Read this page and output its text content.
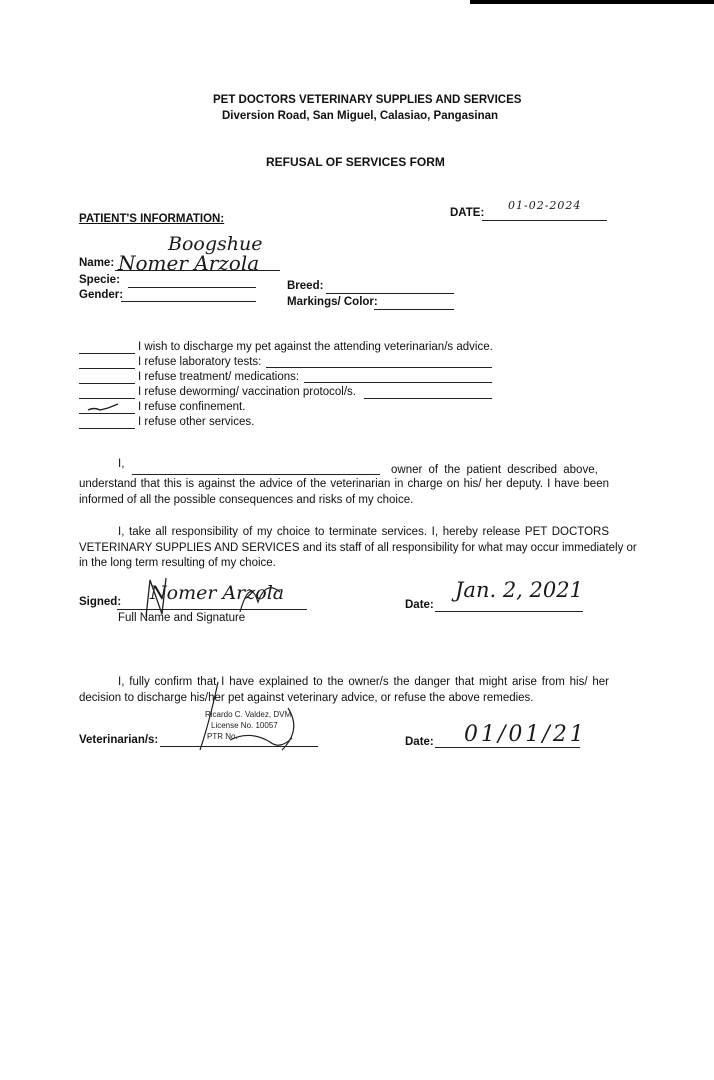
PET DOCTORS VETERINARY SUPPLIES AND SERVICES
Diversion Road, San Miguel, Calasiao, Pangasinan
REFUSAL OF SERVICES FORM
DATE:
01-02-2024
PATIENT'S INFORMATION:
Boogshue
Name: Nomer Arzola
Specie:
Gender:
Breed:
Markings/ Color:
I wish to discharge my pet against the attending veterinarian/s advice.
I refuse laboratory tests:
I refuse treatment/ medications:
I refuse deworming/ vaccination protocol/s.
I refuse confinement.
I refuse other services.
I,	owner of the patient described above,
understand that this is against the advice of the veterinarian in charge on his/ her deputy. I have been
informed of all the possible consequences and risks of my choice.
I, take all responsibility of my choice to terminate services. I, hereby release PET DOCTORS
VETERINARY SUPPLIES AND SERVICES and its staff of all responsibility for what may occur immediately or
in the long term resulting of my choice.
Signed: Nomer Arzola
Full Name and Signature
Date:
Jan. 2, 2021
I, fully confirm that I have explained to the owner/s the danger that might arise from his/ her
decision to discharge his/her pet against veterinary advice, or refuse the above remedies.
Veterinarian/s:
Ricardo C. Valdez, DVM
License No. 10057
PTR No.	Date: 01/01/21
